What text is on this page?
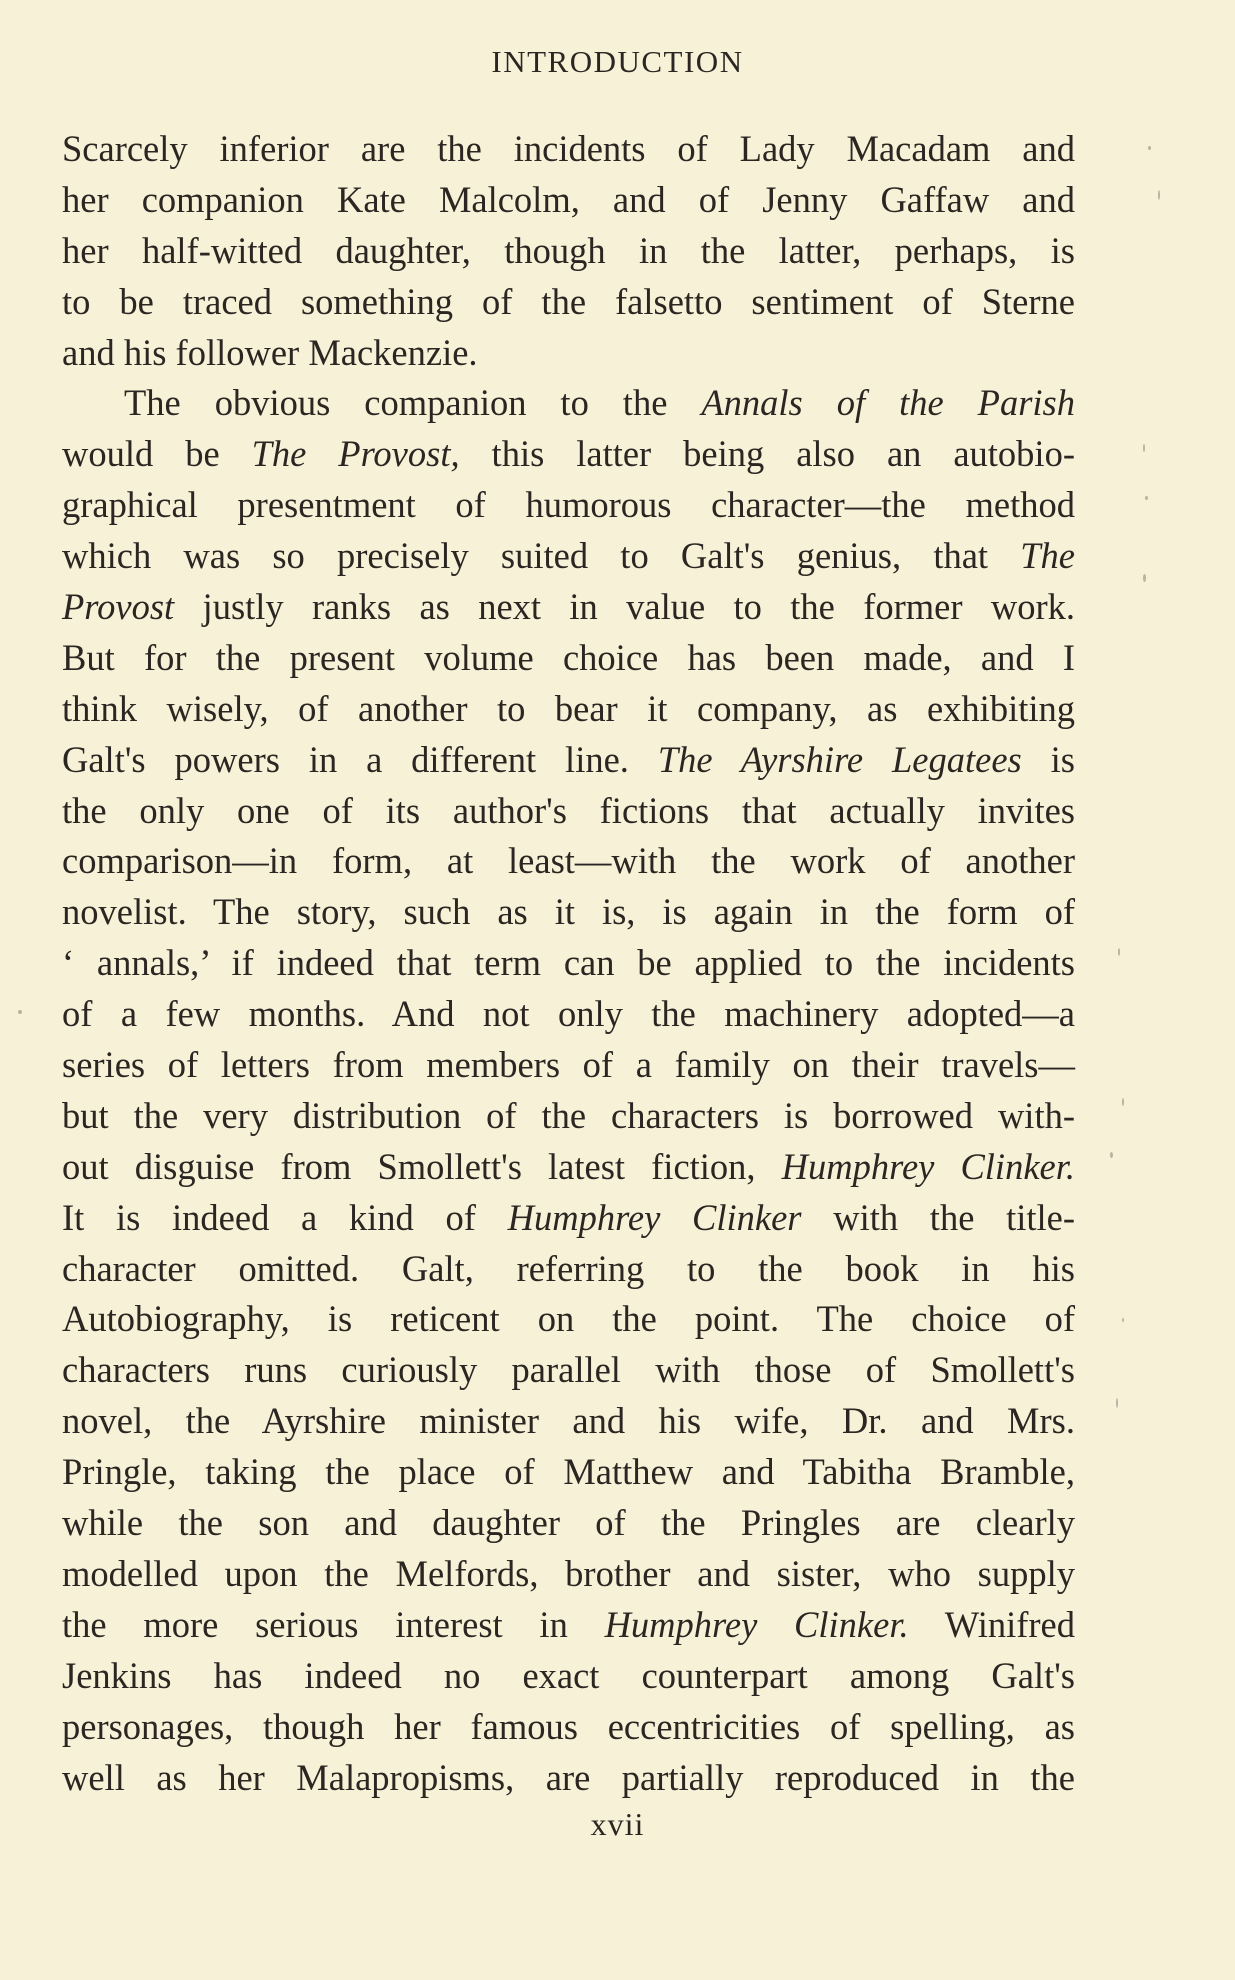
INTRODUCTION
Scarcely inferior are the incidents of Lady Macadam and
her companion Kate Malcolm, and of Jenny Gaffaw and
her half-witted daughter, though in the latter, perhaps, is
to be traced something of the falsetto sentiment of Sterne
and his follower Mackenzie.
The obvious companion to the Annals of the Parish
would be The Provost, this latter being also an autobio-
graphical presentment of humorous character—the method
which was so precisely suited to Galt's genius, that The
Provost justly ranks as next in value to the former work.
But for the present volume choice has been made, and I
think wisely, of another to bear it company, as exhibiting
Galt's powers in a different line. The Ayrshire Legatees is
the only one of its author's fictions that actually invites
comparison—in form, at least—with the work of another
novelist. The story, such as it is, is again in the form of
‘ annals,’ if indeed that term can be applied to the incidents
of a few months. And not only the machinery adopted—a
series of letters from members of a family on their travels—
but the very distribution of the characters is borrowed with-
out disguise from Smollett's latest fiction, Humphrey Clinker.
It is indeed a kind of Humphrey Clinker with the title-
character omitted. Galt, referring to the book in his
Autobiography, is reticent on the point. The choice of
characters runs curiously parallel with those of Smollett's
novel, the Ayrshire minister and his wife, Dr. and Mrs.
Pringle, taking the place of Matthew and Tabitha Bramble,
while the son and daughter of the Pringles are clearly
modelled upon the Melfords, brother and sister, who supply
the more serious interest in Humphrey Clinker. Winifred
Jenkins has indeed no exact counterpart among Galt's
personages, though her famous eccentricities of spelling, as
well as her Malapropisms, are partially reproduced in the
xvii
